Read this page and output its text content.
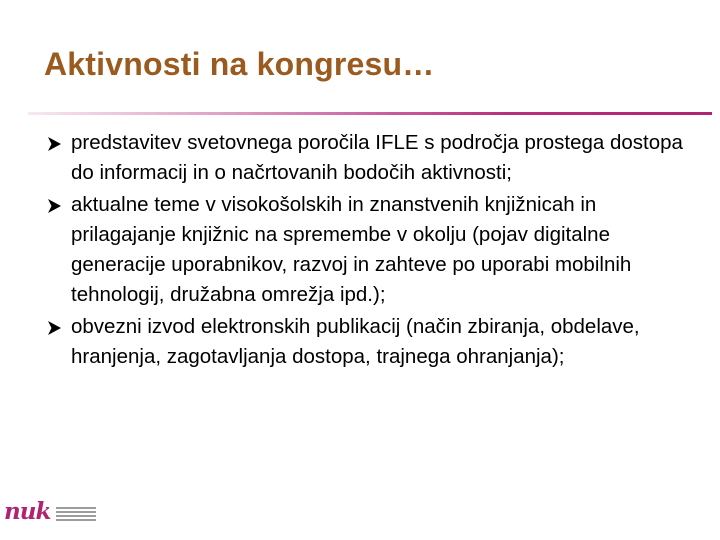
Aktivnosti na kongresu…
predstavitev svetovnega poročila IFLE s področja prostega dostopa do informacij in o načrtovanih bodočih aktivnosti;
aktualne teme v visokošolskih in znanstvenih knjižnicah in prilagajanje knjižnic na spremembe v okolju (pojav digitalne generacije uporabnikov, razvoj in zahteve po uporabi mobilnih tehnologij, družabna omrežja ipd.);
obvezni izvod elektronskih publikacij (način zbiranja, obdelave, hranjenja, zagotavljanja dostopa, trajnega ohranjanja);
nuk
